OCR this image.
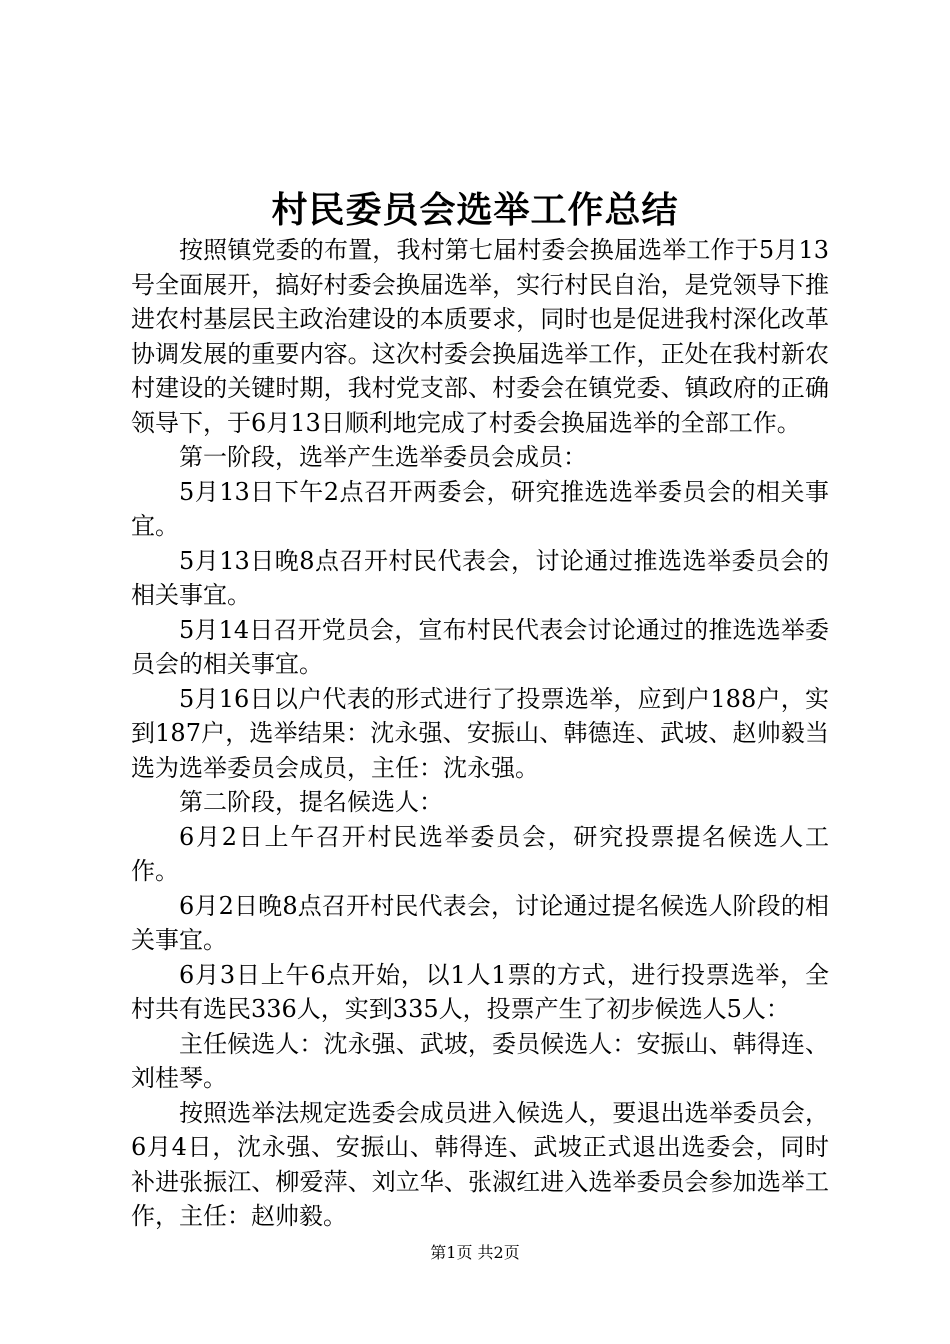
村民委员会选举工作总结

按照镇党委的布置，我村第七届村委会换届选举工作于5月13号全面展开，搞好村委会换届选举，实行村民自治，是党领导下推进农村基层民主政治建设的本质要求，同时也是促进我村深化改革协调发展的重要内容。这次村委会换届选举工作，正处在我村新农村建设的关键时期，我村党支部、村委会在镇党委、镇政府的正确领导下，于6月13日顺利地完成了村委会换届选举的全部工作。

第一阶段，选举产生选举委员会成员：

5月13日下午2点召开两委会，研究推选选举委员会的相关事宜。

5月13日晚8点召开村民代表会，讨论通过推选选举委员会的相关事宜。

5月14日召开党员会，宣布村民代表会讨论通过的推选选举委员会的相关事宜。

5月16日以户代表的形式进行了投票选举，应到户188户，实到187户，选举结果：沈永强、安振山、韩德连、武坡、赵帅毅当选为选举委员会成员，主任：沈永强。

第二阶段，提名候选人：

6月2日上午召开村民选举委员会，研究投票提名候选人工作。

6月2日晚8点召开村民代表会，讨论通过提名候选人阶段的相关事宜。

6月3日上午6点开始，以1人1票的方式，进行投票选举，全村共有选民336人，实到335人，投票产生了初步候选人5人：

主任候选人：沈永强、武坡，委员候选人：安振山、韩得连、刘桂琴。

按照选举法规定选委会成员进入候选人，要退出选举委员会，6月4日，沈永强、安振山、韩得连、武坡正式退出选委会，同时补进张振江、柳爱萍、刘立华、张淑红进入选举委员会参加选举工作，主任：赵帅毅。

第1页 共2页
